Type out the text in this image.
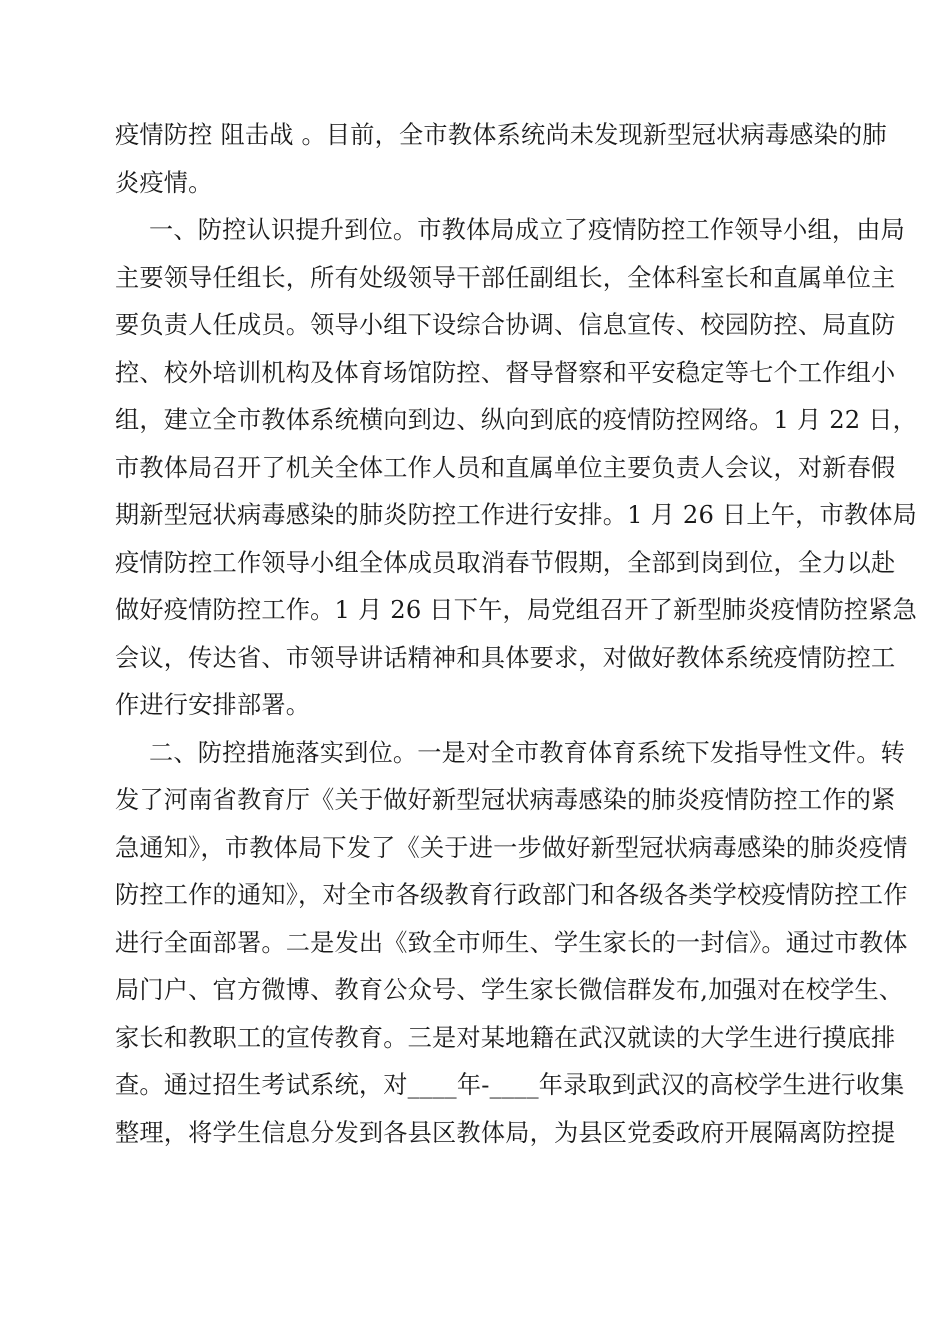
疫情防控 阻击战 。目前，全市教体系统尚未发现新型冠状病毒感染的肺
炎疫情。
一、防控认识提升到位。市教体局成立了疫情防控工作领导小组，由局
主要领导任组长，所有处级领导干部任副组长，全体科室长和直属单位主
要负责人任成员。领导小组下设综合协调、信息宣传、校园防控、局直防
控、校外培训机构及体育场馆防控、督导督察和平安稳定等七个工作组小
组，建立全市教体系统横向到边、纵向到底的疫情防控网络。1 月 22 日，
市教体局召开了机关全体工作人员和直属单位主要负责人会议，对新春假
期新型冠状病毒感染的肺炎防控工作进行安排。1 月 26 日上午，市教体局
疫情防控工作领导小组全体成员取消春节假期，全部到岗到位，全力以赴
做好疫情防控工作。1 月 26 日下午，局党组召开了新型肺炎疫情防控紧急
会议，传达省、市领导讲话精神和具体要求，对做好教体系统疫情防控工
作进行安排部署。
二、防控措施落实到位。一是对全市教育体育系统下发指导性文件。转
发了河南省教育厅《关于做好新型冠状病毒感染的肺炎疫情防控工作的紧
急通知》，市教体局下发了《关于进一步做好新型冠状病毒感染的肺炎疫情
防控工作的通知》，对全市各级教育行政部门和各级各类学校疫情防控工作
进行全面部署。二是发出《致全市师生、学生家长的一封信》。通过市教体
局门户、官方微博、教育公众号、学生家长微信群发布,加强对在校学生、
家长和教职工的宣传教育。三是对某地籍在武汉就读的大学生进行摸底排
查。通过招生考试系统，对____年-____年录取到武汉的高校学生进行收集
整理，将学生信息分发到各县区教体局，为县区党委政府开展隔离防控提
